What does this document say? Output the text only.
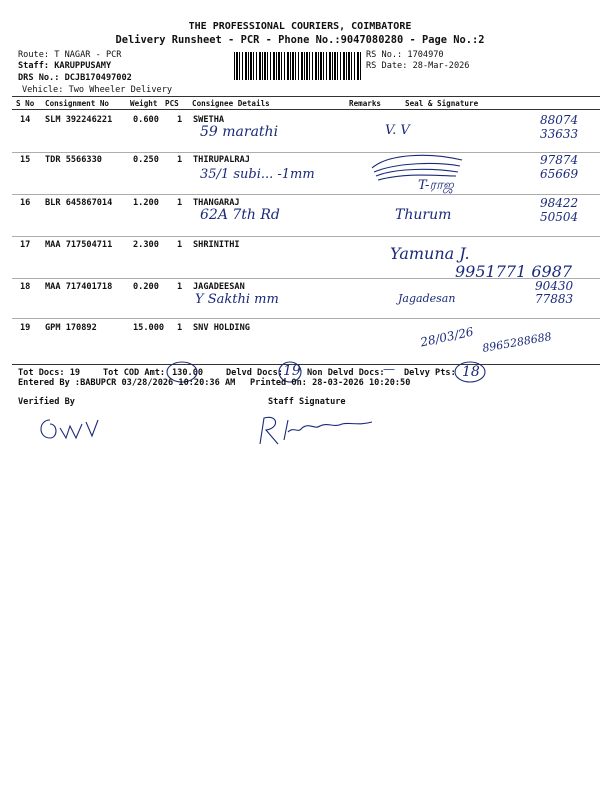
THE PROFESSIONAL COURIERS, COIMBATORE
Delivery Runsheet - PCR - Phone No.:9047080280 - Page No.:2
Route: T NAGAR - PCR
Staff: KARUPPUSAMY
DRS No.: DCJB170497002
Vehicle: Two Wheeler Delivery
RS No.: 1704970
RS Date: 28-Mar-2026
S No Consignment No	Weight PCS Consignee Details	Remarks	Seal & Signature
14 SLM 392246221 0.600 1 SWETHA
59 marathi	V. V
88074 33633
15 TDR 5566330	0.250 1 THIRUPALRAJ
35/1 subi... -1mm
T-ராஜ
97874 65669
16 BLR 645867014 1.200 1 THANGARAJ
62A 7th Rd	Thurum
98422 50504
17 MAA 717504711 2.300 1 SHRINITHI	Yamuna J.
9951771 6987
18 MAA 717401718 0.200 1 JAGADEESAN
Y Sakthi mm	Jagadesan
90430 77883
19 GPM 170892	15.000 1 SNV HOLDING	28/03/26 8965288688
Tot Docs: 19	Tot COD Amt: 130.00	Delvd Docs: 19 Non Delvd Docs:
— Delvy Pts: 18
Entered By :BABUPCR 03/28/2026 10:20:36 AM Printed On: 28-03-2026 10:20:50
Verified By	Staff Signature
